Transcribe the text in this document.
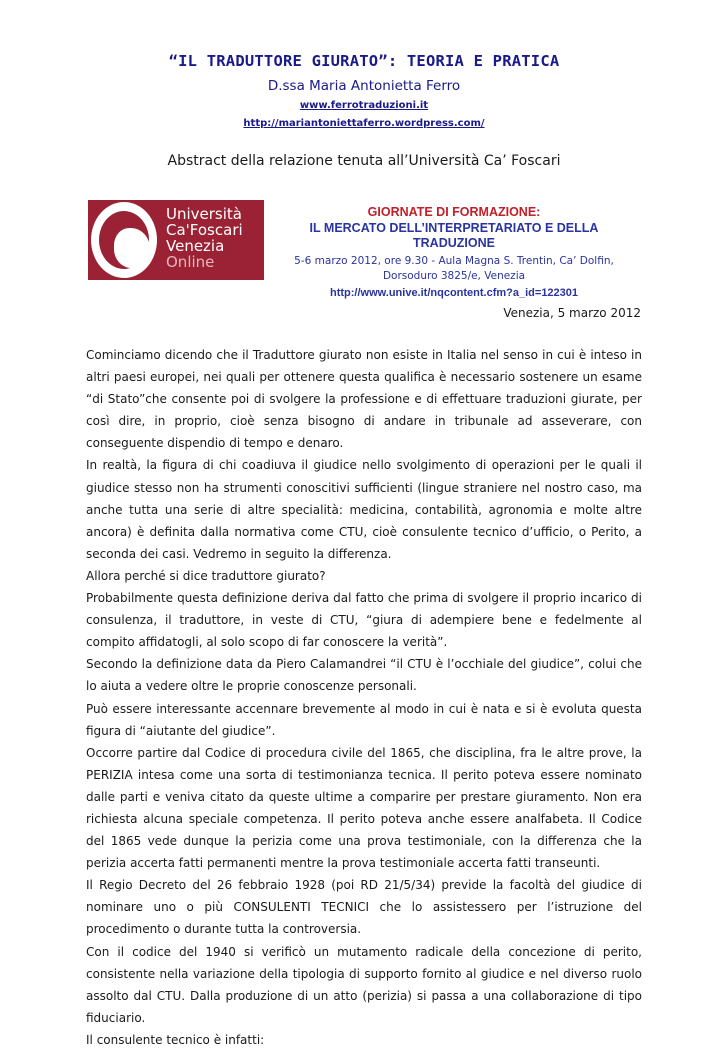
“IL TRADUTTORE GIURATO”: TEORIA E PRATICA
D.ssa Maria Antonietta Ferro
www.ferrotraduzioni.it
http://mariantoniettaferro.wordpress.com/
Abstract della relazione tenuta all’Università Ca’ Foscari
Università
Ca'Foscari
Venezia
Online
GIORNATE DI FORMAZIONE:
IL MERCATO DELL’INTERPRETARIATO E DELLA TRADUZIONE
5-6 marzo 2012, ore 9.30 - Aula Magna S. Trentin, Ca’ Dolfin,
Dorsoduro 3825/e, Venezia
http://www.unive.it/nqcontent.cfm?a_id=122301
Venezia, 5 marzo 2012

Cominciamo dicendo che il Traduttore giurato non esiste in Italia nel senso in cui è inteso in altri paesi europei, nei quali per ottenere questa qualifica è necessario sostenere un esame “di Stato”che consente poi di svolgere la professione e di effettuare traduzioni giurate, per così dire, in proprio, cioè senza bisogno di andare in tribunale ad asseverare, con conseguente dispendio di tempo e denaro.

In realtà, la figura di chi coadiuva il giudice nello svolgimento di operazioni per le quali il giudice stesso non ha strumenti conoscitivi sufficienti (lingue straniere nel nostro caso, ma anche tutta una serie di altre specialità: medicina, contabilità, agronomia e molte altre ancora) è definita dalla normativa come CTU, cioè consulente tecnico d’ufficio, o Perito, a seconda dei casi. Vedremo in seguito la differenza.

Allora perché si dice traduttore giurato?

Probabilmente questa definizione deriva dal fatto che prima di svolgere il proprio incarico di consulenza, il traduttore, in veste di CTU, “giura di adempiere bene e fedelmente al compito affidatogli, al solo scopo di far conoscere la verità”.

Secondo la definizione data da Piero Calamandrei “il CTU è l’occhiale del giudice”, colui che lo aiuta a vedere oltre le proprie conoscenze personali.

Può essere interessante accennare brevemente al modo in cui è nata e si è evoluta questa figura di “aiutante del giudice”.

Occorre partire dal Codice di procedura civile del 1865, che disciplina, fra le altre prove, la PERIZIA intesa come una sorta di testimonianza tecnica. Il perito poteva essere nominato dalle parti e veniva citato da queste ultime a comparire per prestare giuramento. Non era richiesta alcuna speciale competenza. Il perito poteva anche essere analfabeta. Il Codice del 1865 vede dunque la perizia come una prova testimoniale, con la differenza che la perizia accerta fatti permanenti mentre la prova testimoniale accerta fatti transeunti.

Il Regio Decreto del 26 febbraio 1928 (poi RD 21/5/34) previde la facoltà del giudice di nominare uno o più CONSULENTI TECNICI che lo assistessero per l’istruzione del procedimento o durante tutta la controversia.

Con il codice del 1940 si verificò un mutamento radicale della concezione di perito, consistente nella variazione della tipologia di supporto fornito al giudice e nel diverso ruolo assolto dal CTU. Dalla produzione di un atto (perizia) si passa a una collaborazione di tipo fiduciario.

Il consulente tecnico è infatti:
